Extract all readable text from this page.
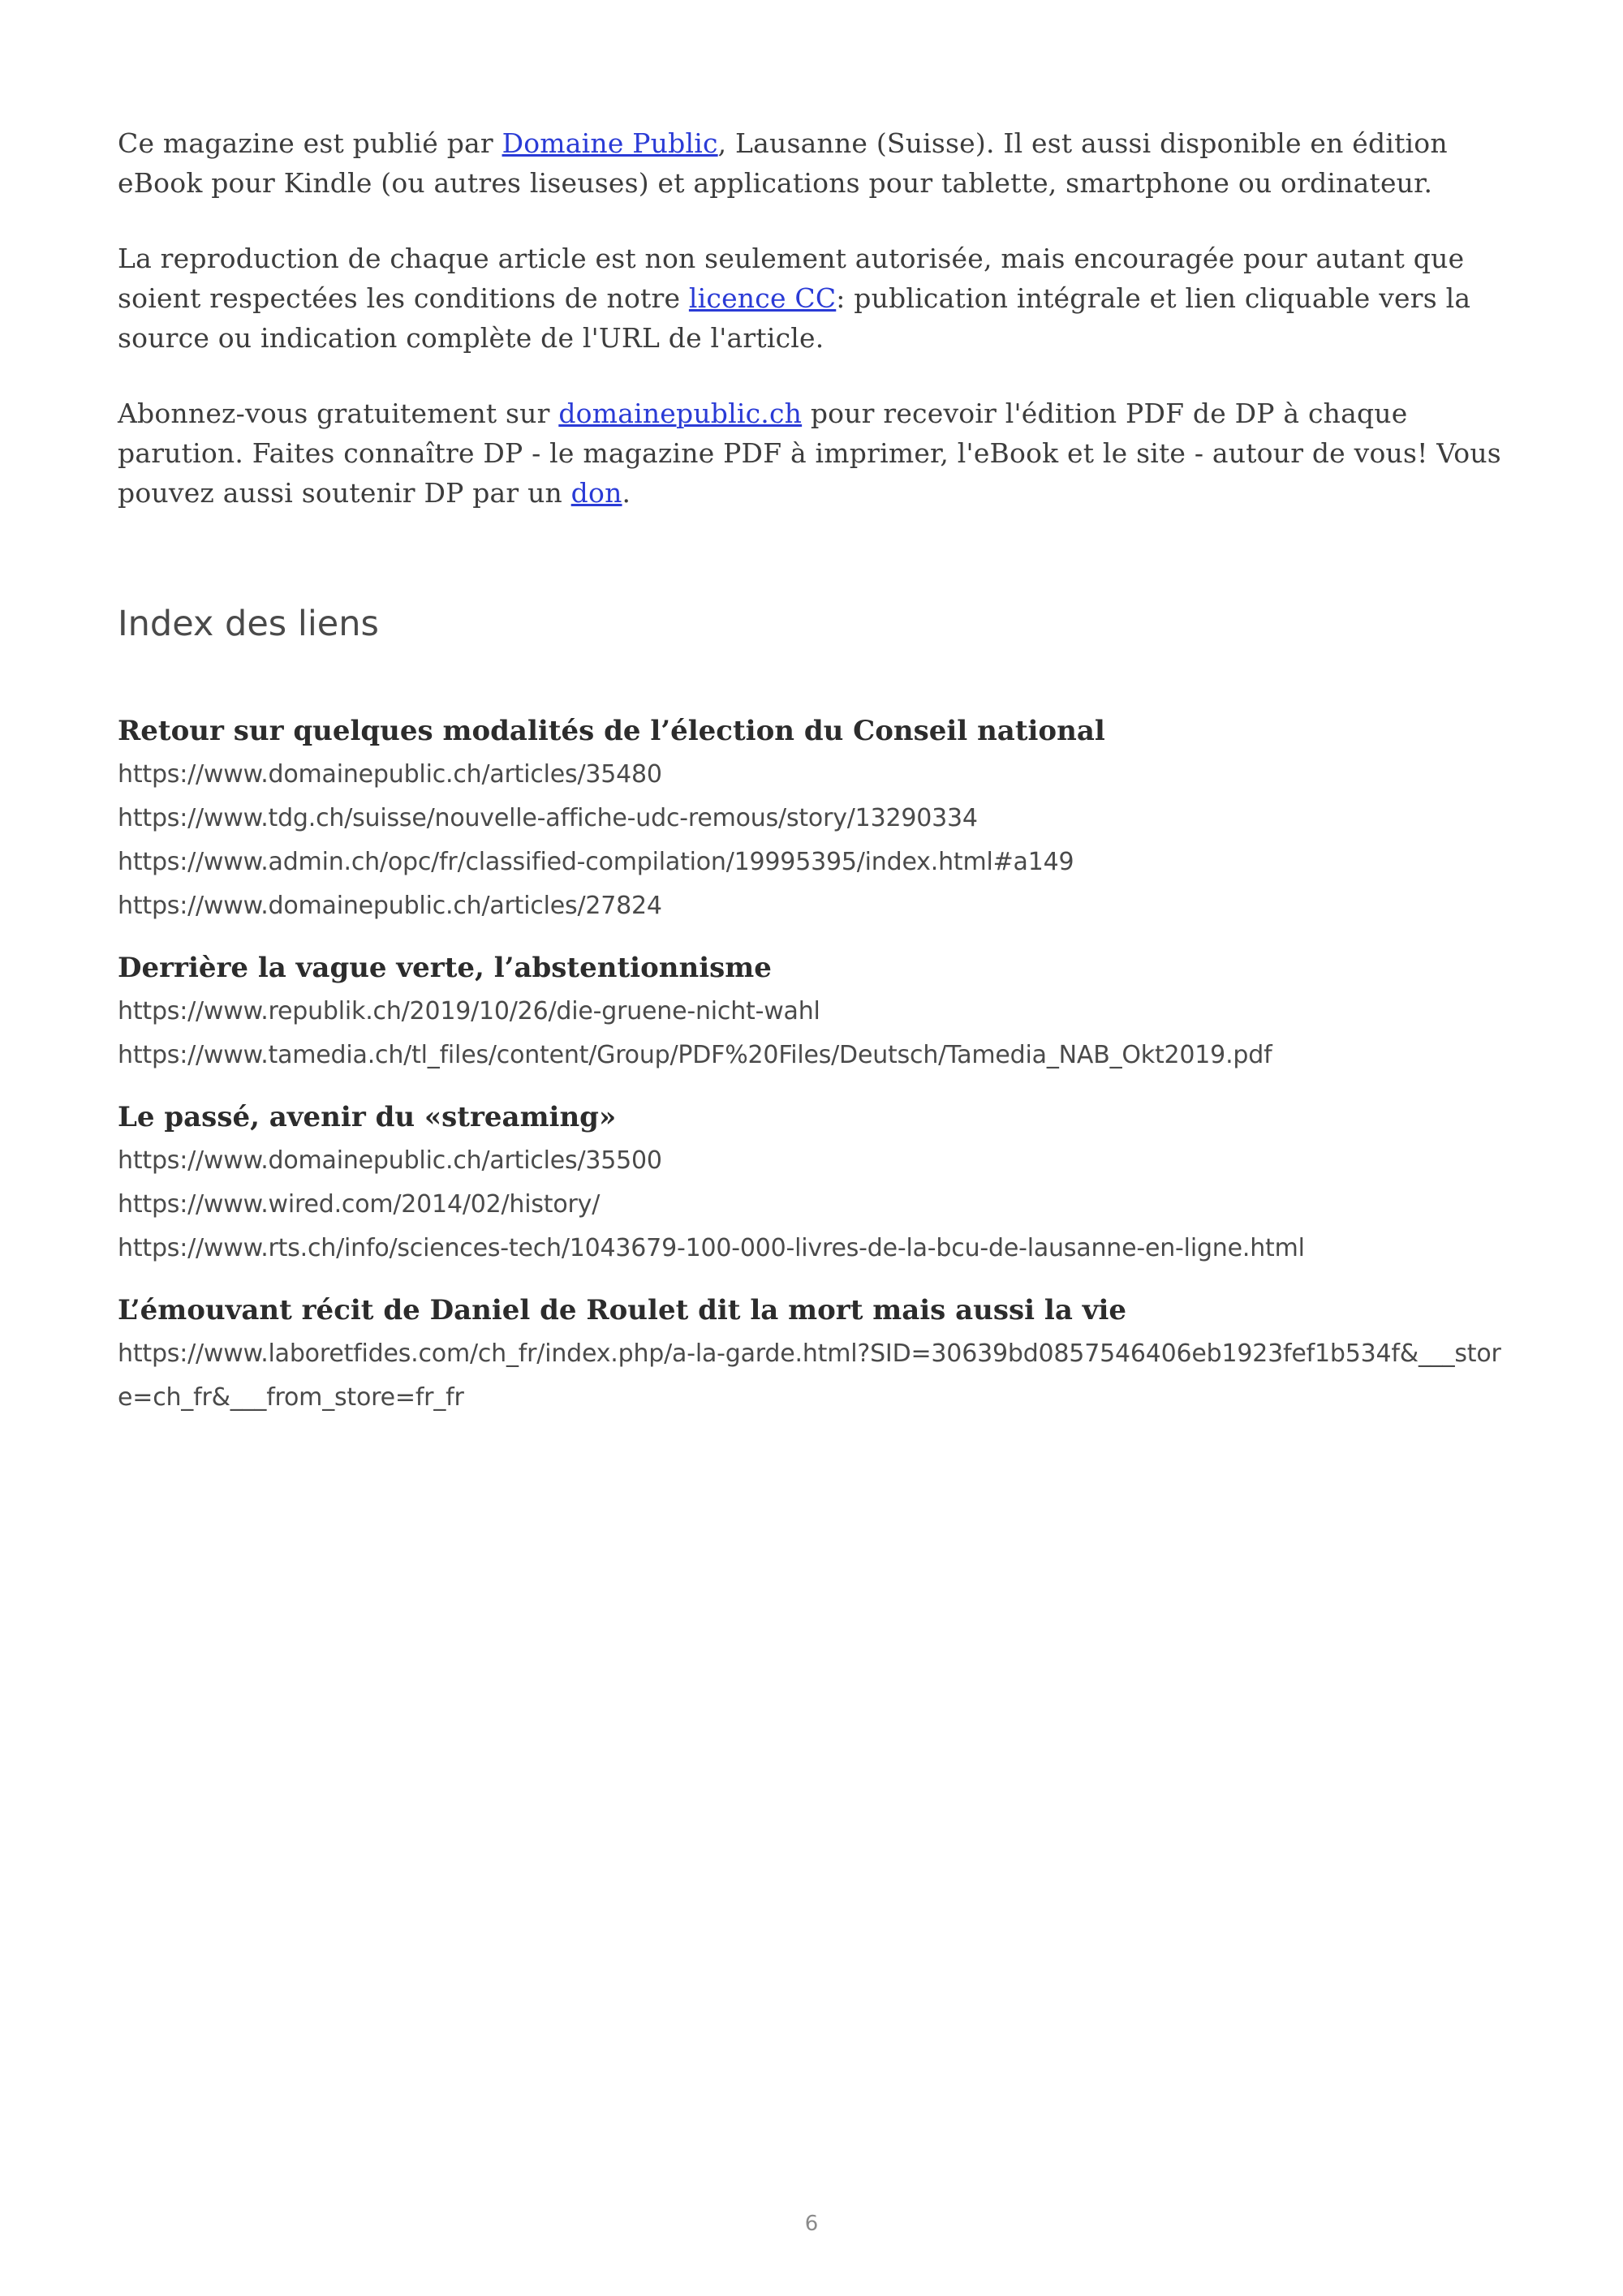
Ce magazine est publié par Domaine Public, Lausanne (Suisse). Il est aussi disponible en édition eBook pour Kindle (ou autres liseuses) et applications pour tablette, smartphone ou ordinateur.

La reproduction de chaque article est non seulement autorisée, mais encouragée pour autant que soient respectées les conditions de notre licence CC: publication intégrale et lien cliquable vers la source ou indication complète de l'URL de l'article.

Abonnez-vous gratuitement sur domainepublic.ch pour recevoir l'édition PDF de DP à chaque parution. Faites connaître DP - le magazine PDF à imprimer, l'eBook et le site - autour de vous! Vous pouvez aussi soutenir DP par un don.

Index des liens
Retour sur quelques modalités de l’élection du Conseil national
https://www.domainepublic.ch/articles/35480
https://www.tdg.ch/suisse/nouvelle-affiche-udc-remous/story/13290334
https://www.admin.ch/opc/fr/classified-compilation/19995395/index.html#a149
https://www.domainepublic.ch/articles/27824
Derrière la vague verte, l’abstentionnisme
https://www.republik.ch/2019/10/26/die-gruene-nicht-wahl
https://www.tamedia.ch/tl_files/content/Group/PDF%20Files/Deutsch/Tamedia_NAB_Okt2019.pdf
Le passé, avenir du «streaming»
https://www.domainepublic.ch/articles/35500
https://www.wired.com/2014/02/history/
https://www.rts.ch/info/sciences-tech/1043679-100-000-livres-de-la-bcu-de-lausanne-en-ligne.html
L’émouvant récit de Daniel de Roulet dit la mort mais aussi la vie
https://www.laboretfides.com/ch_fr/index.php/a-la-garde.html?SID=30639bd0857546406eb1923fef1b534f&___store=ch_fr&___from_store=fr_fr
6
